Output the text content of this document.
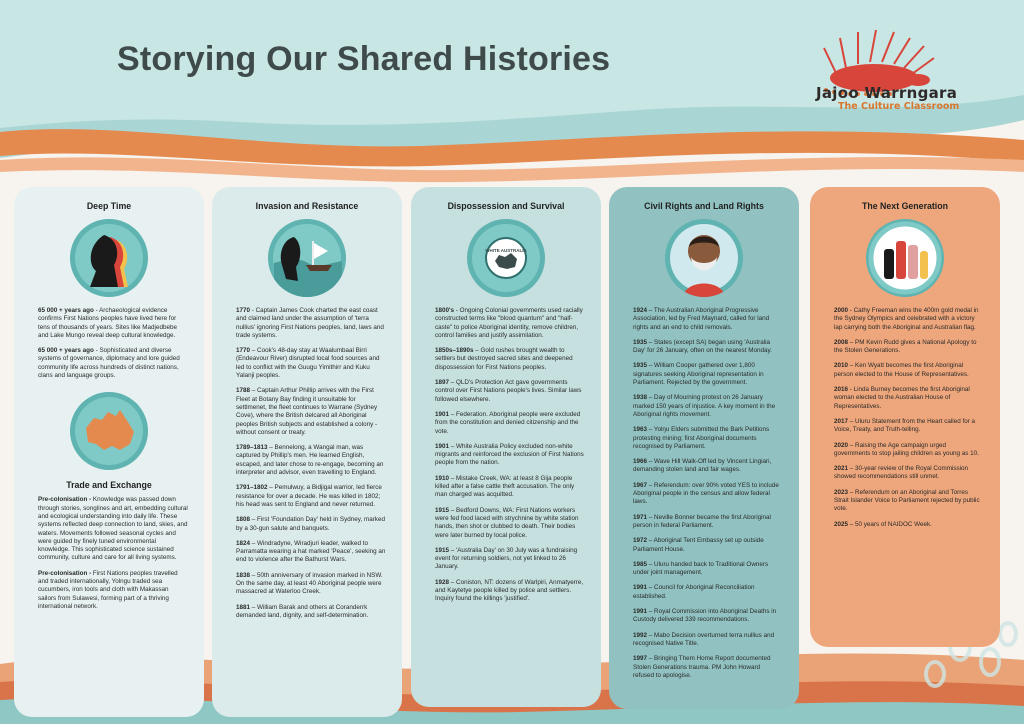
Storying Our Shared Histories
Jajoo Warrngara
The Culture Classroom
Deep Time
65 000 + years ago - Archaeological evidence confirms First Nations peoples have lived here for tens of thousands of years. Sites like Madjedbebe and Lake Mungo reveal deep cultural knowledge.
65 000 + years ago - Sophisticated and diverse systems of governance, diplomacy and lore guided community life across hundreds of distinct nations, clans and language groups.
Trade and Exchange
Pre-colonisation - Knowledge was passed down through stories, songlines and art, embedding cultural and ecological understanding into daily life. These systems reflected deep connection to land, skies, and waters. Movements followed seasonal cycles and were guided by finely tuned environmental knowledge. This sophisticated science sustained community, culture and care for all living systems.
Pre-colonisation - First Nations peoples travelled and traded internationally, Yolngu traded sea cucumbers, iron tools and cloth with Makassan sailors from Sulawesi, forming part of a thriving international network.
Invasion and Resistance
1770 - Captain James Cook charted the east coast and claimed land under the assumption of 'terra nullius' ignoring First Nations peoples, land, laws and trade systems.
1770 – Cook's 48-day stay at Waalumbaal Birri (Endeavour River) disrupted local food sources and led to conflict with the Guugu Yimithirr and Kuku Yalanji peoples.
1788 – Captain Arthur Phillip arrives with the First Fleet at Botany Bay finding it unsuitable for settlmenet, the fleet continues to Warrane (Sydney Cove), where the British delcared all Aboriginal peoples British subjects and established a colony - without consent or treaty.
1789–1813 – Bennelong, a Wangal man, was captured by Phillip's men. He learned English, escaped, and later chose to re-engage, becoming an interpreter and advisor, even travelling to England.
1791–1802 – Pemulwuy, a Bidjigal warrior, led fierce resistance for over a decade. He was killed in 1802; his head was sent to England and never returned.
1808 – First 'Foundation Day' held in Sydney, marked by a 30-gun salute and banquets.
1824 – Windradyne, Wiradjuri leader, walked to Parramatta wearing a hat marked 'Peace', seeking an end to violence after the Bathurst Wars.
1838 – 50th anniversary of invasion marked in NSW. On the same day, at least 40 Aboriginal people were massacred at Waterloo Creek.
1881 – William Barak and others at Coranderrk demanded land, dignity, and self-determination.
Dispossession and Survival
WHITE AUSTRALIA
1800's - Ongoing Colonial governments used racially constructed terms like "blood quantum" and "half-caste" to police Aboriginal identity, remove children, control families and justify assimilation.
1850s–1890s – Gold rushes brought wealth to settlers but destroyed sacred sites and deepened dispossession for First Nations peoples.
1897 – QLD's Protection Act gave governments control over First Nations people's lives. Similar laws followed elsewhere.
1901 – Federation. Aboriginal people were excluded from the constitution and denied citizenship and the vote.
1901 – White Australia Policy excluded non-white migrants and reinforced the exclusion of First Nations people from the nation.
1910 – Mistake Creek, WA: at least 8 Gija people killed after a false cattle theft accusation. The only man charged was acquitted.
1915 – Bedford Downs, WA: First Nations workers were fed food laced with strychnine by white station hands, then shot or clubbed to death. Their bodies were later burned by local police.
1915 – 'Australia Day' on 30 July was a fundraising event for returning soldiers, not yet linked to 26 January.
1928 – Coniston, NT: dozens of Warlpiri, Anmatyerre, and Kaytetye people killed by police and settlers. Inquiry found the killings 'justified'.
Civil Rights and Land Rights
1924 – The Australian Aboriginal Progressive Association, led by Fred Maynard, called for land rights and an end to child removals.
1935 – States (except SA) began using 'Australia Day' for 26 January, often on the nearest Monday.
1935 – William Cooper gathered over 1,800 signatures seeking Aboriginal representation in Parliament. Rejected by the government.
1938 – Day of Mourning protest on 26 January marked 150 years of injustice. A key moment in the Aboriginal rights movement.
1963 – Yolŋu Elders submitted the Bark Petitions protesting mining; first Aboriginal documents recognised by Parliament.
1966 – Wave Hill Walk-Off led by Vincent Lingiari, demanding stolen land and fair wages.
1967 – Referendum: over 90% voted YES to include Aboriginal people in the census and allow federal laws.
1971 – Neville Bonner became the first Aboriginal person in federal Parliament.
1972 – Aboriginal Tent Embassy set up outside Parliament House.
1985 – Uluru handed back to Traditional Owners under joint management.
1991 – Council for Aboriginal Reconciliation established.
1991 – Royal Commission into Aboriginal Deaths in Custody delivered 339 recommendations.
1992 – Mabo Decision overturned terra nullius and recognised Native Title.
1997 – Bringing Them Home Report documented Stolen Generations trauma. PM John Howard refused to apologise.
The Next Generation
2000 - Cathy Freeman wins the 400m gold medal in the Sydney Olympics and celebrated with a victory lap carrying both the Aboriginal and Australian flag.
2008 – PM Kevin Rudd gives a National Apology to the Stolen Generations.
2010 – Ken Wyatt becomes the first Aboriginal person elected to the House of Representatives.
2016 - Linda Burney becomes the first Aboriginal woman elected to the Australian House of Representatives.
2017 – Uluru Statement from the Heart called for a Voice, Treaty, and Truth-telling.
2020 – Raising the Age campaign urged governments to stop jailing children as young as 10.
2021 – 30-year review of the Royal Commission showed recommendations still unmet.
2023 – Referendum on an Aboriginal and Torres Strait Islander Voice to Parliament rejected by public vote.
2025 – 50 years of NAIDOC Week.
